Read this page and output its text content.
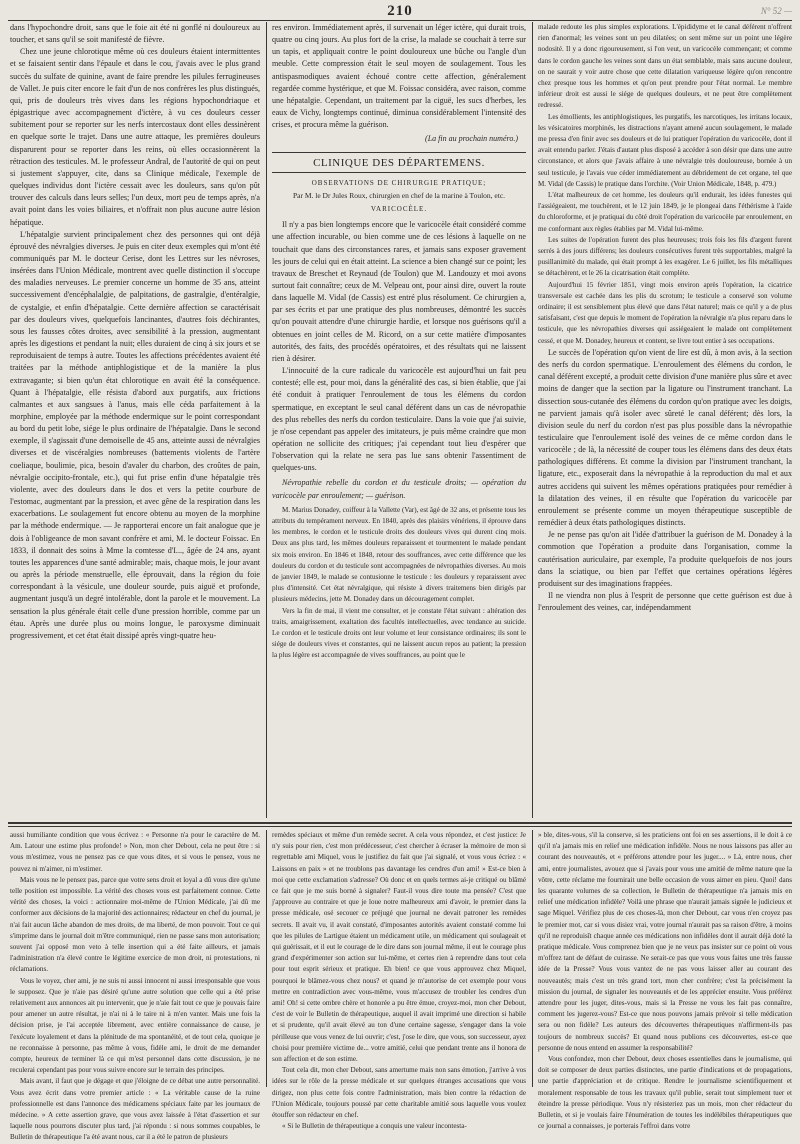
210	N° 52 —

dans l'hypochondre droit, sans que le foie ait été ni gonflé ni douloureux au toucher, et sans qu'il se soit manifesté de fièvre.

Chez une jeune chlorotique même où ces douleurs étaient intermittentes et se faisaient sentir dans l'épaule et dans le cou, j'avais avec le plus grand succès du sulfate de quinine, avant de faire prendre les pilules ferrugineuses de Vallet. Je puis citer encore le fait d'un de nos confrères les plus distingués, qui, pris de douleurs très vives dans les régions hypochondriaque et épigastrique avec accompagnement d'ictère, à vu ces douleurs cesser subitement pour se reporter sur les nerfs intercostaux dont elles dessinèrent en quelque sorte le trajet. Dans une autre attaque, les premières douleurs disparurent pour se reporter dans les reins, où elles occasionnèrent la rétraction des testicules. M. le professeur Andral, de l'autorité de qui on peut si justement s'appuyer, cite, dans sa Clinique médicale, l'exemple de quelques individus dont l'ictère cessait avec les douleurs, sans qu'on pût trouver des calculs dans leurs selles; l'un deux, mort peu de temps après, n'a avait point dans les voies biliaires, et n'offrait non plus aucune autre lésion hépatique.

L'hépatalgie survient principalement chez des personnes qui ont déjà éprouvé des névralgies diverses. Je puis en citer deux exemples qui m'ont été communiqués par M. le docteur Cerise, dont les Lettres sur les névroses, insérées dans l'Union Médicale, montrent avec quelle distinction il s'occupe des maladies nerveuses. Le premier concerne un homme de 35 ans, atteint successivement d'encéphalalgie, de palpitations, de gastralgie, d'entéralgie, de cystalgie, et enfin d'hépatalgie. Cette dernière affection se caractérisait par des douleurs vives, quelquefois lancinantes, d'autres fois déchirantes, sous les fausses côtes droites, avec sensibilité à la pression, augmentant après les digestions et pendant la nuit; elles duraient de cinq à six jours et se reproduisaient de temps à autre. Toutes les affections précédentes avaient été traitées par la méthode antiphlogistique et de la manière la plus extravagante; si bien qu'un état chlorotique en avait été la conséquence. Quant à l'hépatalgie, elle résista d'abord aux purgatifs, aux frictions calmantes et aux sangsues à l'anus, mais elle céda parfaitement à la morphine, employée par la méthode endermique sur le point correspondant au bord du petit lobe, siége le plus ordinaire de l'hépatalgie. Dans le second exemple, il s'agissait d'une demoiselle de 45 ans, atteinte aussi de névralgies diverses et de viscéralgies nombreuses (battements violents de l'artère coeliaque, boulimie, pica, besoin d'avaler du charbon, des croûtes de pain, névralgie occipito-frontale, etc.), qui fut prise enfin d'une hépatalgie très violente, avec des douleurs dans le dos et vers la petite courbure de l'estomac, augmentant par la pression, et avec gêne de la respiration dans les exacerbations. Le soulagement fut encore obtenu au moyen de la morphine par la méthode endermique. — Je rapporterai encore un fait analogue que je dois à l'obligeance de mon savant confrère et ami, M. le docteur Foissac. En 1833, il donnait des soins à Mme la comtesse d'I..., âgée de 24 ans, ayant toutes les apparences d'une santé admirable; mais, chaque mois, le jour avant ou après la période menstruelle, elle éprouvait, dans la région du foie correspondant à la vésicule, une douleur sourde, puis aiguë et profonde, augmentant jusqu'à un degré intolérable, dont la parole et le mouvement. La sensation la plus générale était celle d'une pression horrible, comme par un étau. Après une durée plus ou moins longue, le paroxysme diminuait progressivement, et cet état était dissipé après vingt-quatre heu-

res environ. Immédiatement après, il survenait un léger ictère, qui durait trois, quatre ou cinq jours. Au plus fort de la crise, la malade se couchait à terre sur un tapis, et appliquait contre le point douloureux une bûche ou l'angle d'un meuble. Cette compression était le seul moyen de soulagement. Tous les antispasmodiques avaient échoué contre cette affection, généralement regardée comme hystérique, et que M. Foissac considéra, avec raison, comme une hépatalgie. Cependant, un traitement par la ciguë, les sucs d'herbes, les eaux de Vichy, longtemps continué, diminua considérablement l'intensité des crises, et procura même la guérison.

(La fin au prochain numéro.)
CLINIQUE DES DÉPARTEMENS.
OBSERVATIONS DE CHIRURGIE PRATIQUE;
Par M. le Dr Jules Roux, chirurgien en chef de la marine à Toulon, etc.
VARICOCÈLE.

Il n'y a pas bien longtemps encore que le varicocèle était considéré comme une affection incurable, ou bien comme une de ces lésions à laquelle on ne touchait que dans des circonstances rares, et jamais sans exposer gravement les jours de celui qui en était atteint. La science a bien changé sur ce point; les travaux de Breschet et Reynaud (de Toulon) que M. Landouzy et moi avons surtout fait connaître; ceux de M. Velpeau ont, pour ainsi dire, ouvert la route dans laquelle M. Vidal (de Cassis) est entré plus résolument. Ce chirurgien a, par ses écrits et par une pratique des plus nombreuses, démontré les succès qu'on pouvait attendre d'une chirurgie hardie, et lorsque nos guérisons qu'il a obtenues en joint celles de M. Ricord, on a sur cette matière d'imposantes autorités, des faits, des procédés opératoires, et des résultats qui ne laissent rien à désirer.

L'innocuité de la cure radicale du varicocèle est aujourd'hui un fait peu contesté; elle est, pour moi, dans la généralité des cas, si bien établie, que j'ai été conduit à pratiquer l'enroulement de tous les élémens du cordon spermatique, en exceptant le seul canal déférent dans un cas de névropathie des plus rebelles des nerfs du cordon testiculaire. Dans la voie que j'ai suivie, je n'ose cependant pas appeler des imitateurs, je puis même craindre que mon opération ne sollicite des critiques; j'ai cependant tout lieu d'espérer que l'observation qui la relate ne sera pas lue sans obtenir l'assentiment de quelques-uns.

Névropathie rebelle du cordon et du testicule droits; — opération du varicocèle par enroulement; — guérison.

M. Marius Donadey, coiffeur à la Vallette (Var), est âgé de 32 ans, et présente tous les attributs du tempérament nerveux. En 1840, après des plaisirs vénériens, il éprouve dans les membres, le cordon et le testicule droits des douleurs vives qui durent cinq mois. Deux ans plus tard, les mêmes douleurs reparaissent et tourmentent le malade pendant six mois environ. En 1846 et 1848, retour des souffrances, avec cette différence que les douleurs du cordon et du testicule sont accompagnées de névropathies diverses. Au mois de janvier 1849, le malade se contusionne le testicule : les douleurs y reparaissent avec plus d'intensité. Cet état névralgique, qui résiste à divers traitemens bien dirigés par plusieurs médecins, jette M. Donadey dans un découragement complet.

Vers la fin de mai, il vient me consulter, et je constate l'état suivant : altération des traits, amaigrissement, exaltation des facultés intellectuelles, avec tendance au suicide. Le cordon et le testicule droits ont leur volume et leur consistance ordinaires; ils sont le siége de douleurs vives et constantes, qui ne laissent aucun repos au patient; la pression la plus légère est accompagnée de vives souffrances, au point que le

malade redoute les plus simples explorations. L'épididyme et le canal déférent n'offrent rien d'anormal; les veines sont un peu dilatées; on sent même sur un point une légère nodosité. Il y a donc rigoureusement, si l'on veut, un varicocèle commençant; et comme dans le cordon gauche les veines sont dans un état semblable, mais sans aucune douleur, on ne saurait y voir autre chose que cette dilatation variqueuse légère qu'on rencontre chez presque tous les hommes et qu'on peut prendre pour l'état normal. Le membre inférieur droit est aussi le siége de quelques douleurs, et ne peut être complètement redressé.

Les émollients, les antiphlogistiques, les purgatifs, les narcotiques, les irritans locaux, les vésicatoires morphinés, les distractions n'ayant amené aucun soulagement, le malade me pressa d'en finir avec ses douleurs et de lui pratiquer l'opération du varicocèle, dont il avait entendu parler. J'étais d'autant plus disposé à accéder à son désir que dans une autre circonstance, et alors que j'avais affaire à une névralgie très douloureuse, bornée à un seul testicule, je l'avais vue céder immédiatement au débridement de cet organe, tel que M. Vidal (de Cassis) le pratique dans l'orchite. (Voir Union Médicale, 1848, p. 479.)

L'état malheureux de cet homme, les douleurs qu'il endurait, les idées funestes qui l'assiégeaient, me touchèrent, et le 12 juin 1849, je le plongeai dans l'éthérisme à l'aide du chloroforme, et je pratiquai du côté droit l'opération du varicocèle par enroulement, en me conformant aux règles établies par M. Vidal lui-même.

Les suites de l'opération furent des plus heureuses; trois fois les fils d'argent furent serrés à des jours différens; les douleurs consécutives furent très supportables, malgré la pusillanimité du malade, qui était prompt à les exagérer. Le 6 juillet, les fils métalliques se détachèrent, et le 26 la cicatrisation était complète.

Aujourd'hui 15 février 1851, vingt mois environ après l'opération, la cicatrice transversale est cachée dans les plis du scrotum; le testicule a conservé son volume ordinaire; il est sensiblement plus élevé que dans l'état naturel; mais ce qu'il y a de plus satisfaisant, c'est que depuis le moment de l'opération la névralgie n'a plus reparu dans le testicule, que les névropathies diverses qui assiégeaient le malade ont complètement cessé, et que M. Donadey, heureux et content, se livre tout entier à ses occupations.

Le succès de l'opération qu'on vient de lire est dû, à mon avis, à la section des nerfs du cordon spermatique. L'enroulement des élémens du cordon, le canal déférent excepté, a produit cette division d'une manière plus sûre et avec moins de danger que la section par la ligature ou l'instrument tranchant. La dissection sous-cutanée des élémens du cordon qu'on pratique avec les doigts, ne parvient jamais qu'à isoler avec sûreté le canal déférent; dès lors, la division seule du nerf du cordon n'est pas plus possible dans la névropathie testiculaire que l'enroulement isolé des veines de ce même cordon dans le varicocèle ; de là, la nécessité de couper tous les élémens dans des deux états pathologiques différens. Et comme la division par l'instrument tranchant, la ligature, etc., exposerait dans la névropathie à la reproduction du mal et aux autres accidens qui suivent les mêmes opérations pratiquées pour remédier à la dilatation des veines, il en résulte que l'opération du varicocèle par enroulement se présente comme un moyen thérapeutique susceptible de remédier à deux états pathologiques distincts.

Je ne pense pas qu'on ait l'idée d'attribuer la guérison de M. Donadey à la commotion que l'opération a produite dans l'organisation, comme la cautérisation auriculaire, par exemple, l'a produite quelquefois de nos jours dans la sciatique, ou bien par l'effet que certaines opérations légères produisent sur des imaginations frappées.

Il ne viendra non plus à l'esprit de personne que cette guérison est due à l'enroulement des veines, car, indépendamment

aussi humiliante condition que vous écrivez : « Personne n'a pour le caractère de M. Am. Latour une estime plus profonde! » Non, mon cher Debout, cela ne peut être : si vous m'estimez, vous ne pensez pas ce que vous dites, et si vous le pensez, vous ne pouvez ni m'aimer, ni m'estimer.

Mais vous ne le pensez pas, parce que votre sens droit et loyal a dû vous dire qu'une telle position est impossible. La vérité des choses vous est parfaitement connue. Cette vérité des choses, la voici : actionnaire moi-même de l'Union Médicale, j'ai dû me conformer aux décisions de la majorité des actionnaires; rédacteur en chef du journal, je n'ai fait aucun lâche abandon de mes droits, de ma liberté, de mon pouvoir. Tout ce qui s'imprime dans le journal doit m'être communiqué, rien ne passe sans mon autorisation; souvent j'ai opposé mon veto à telle insertion qui a été faite ailleurs, et jamais l'administration n'a élevé contre le légitime exercice de mon droit, ni protestations, ni réclamations.

Vous le voyez, cher ami, je ne suis ni aussi innocent ni aussi irresponsable que vous le supposez. Que je n'aie pas désiré qu'une autre solution que celle qui a été prise relativement aux annonces ait pu intervenir, que je n'aie fait tout ce que je pouvais faire pour amener un autre résultat, je n'ai ni à le taire ni à m'en vanter. Mais une fois la décision prise, je l'ai acceptée librement, avec entière connaissance de cause, je l'exécute loyalement et dans la plénitude de ma spontanéité, et de tout cela, quoique je ne reconnaisse à personne, pas même à vous, fidèle ami, le droit de me demander compte, heureux de terminer là ce qui m'est personnel dans cette discussion, je ne reculerai cependant pas pour vous suivre encore sur le terrain des principes.

Mais avant, il faut que je dégage et que j'éloigne de ce débat une autre personnalité. Vous avez écrit dans votre premier article : « La véritable cause de la ruine professionnelle est dans l'annonce des médicamens spéciaux faite par les journaux de médecine. » A cette assertion grave, que vous avez laissée à l'état d'assertion et sur laquelle nous pourrons discuter plus tard, j'ai répondu : si nous sommes coupables, le Bulletin de thérapeutique l'a été avant nous, car il a été le patron de plusieurs

remèdes spéciaux et même d'un remède secret. A cela vous répondez, et c'est justice: Je n'y suis pour rien, c'est mon prédécesseur, c'est chercher à écraser la mémoire de mon si regrettable ami Miquel, vous le justifiez du fait que j'ai signalé, et vous vous écriez : « Laissons en paix » et ne troublons pas davantage les cendres d'un ami! » Est-ce bien à moi que cette exclamation s'adresse? Où donc et en quels termes ai-je critiqué ou blâmé ce fait que je me suis borné à signaler? Faut-il vous dire toute ma pensée? C'est que j'approuve au contraire et que je loue notre malheureux ami d'avoir, le premier dans la presse médicale, osé secouer ce préjugé que journal ne devait patroner les remèdes secrets. Il avait vu, il avait constaté, d'imposantes autorités avaient constaté comme lui que les pilules de Lartigue étaient un médicament utile, un médicament qui soulageait et qui guérissait, et il eut le courage de le dire dans son journal même, il eut le courage plus grand d'expérimenter son action sur lui-même, et certes rien à reprendre dans tout cela pour tout esprit sérieux et pratique. Eh bien! ce que vous approuvez chez Miquel, pourquoi le blâmez-vous chez nous? et quand je m'autorise de cet exemple pour vous mettre en contradiction avec vous-même, vous m'accusez de troubler les cendres d'un ami! Oh! si cette ombre chère et honorée a pu être émue, croyez-moi, mon cher Debout, c'est de voir le Bulletin de thérapeutique, auquel il avait imprimé une direction si habile et si prudente, qu'il avait élevé au ton d'une certaine sagesse, s'engager dans la voie périlleuse que vous venez de lui ouvrir; c'est, j'ose le dire, que vous, son successeur, ayez choisi pour première victime de... votre amitié, celui que pendant trente ans il honora de son affection et de son estime.

Tout cela dit, mon cher Debout, sans amertume mais non sans émotion, j'arrive à vos idées sur le rôle de la presse médicale et sur quelques étranges accusations que vous dirigez, non plus cette fois contre l'administration, mais bien contre la rédaction de l'Union Médicale, toujours poussé par cette charitable amitié sous laquelle vous voulez étouffer son rédacteur en chef.

« Si le Bulletin de thérapeutique a conquis une valeur incontesta-

» ble, dites-vous, s'il la conserve, si les praticiens ont foi en ses assertions, il le doit à ce qu'il n'a jamais mis en relief une médication infidèle. Nous ne nous laissons pas aller au courant des nouveautés, et « préférons attendre pour les juger.... » Là, entre nous, cher ami, entre journalistes, avouez que si j'avais pour vous une amitié de même nature que la vôtre, cette réclame me fournirait une belle occasion de vous aimer en pieu. Quoi! dans les quarante volumes de sa collection, le Bulletin de thérapeutique n'a jamais mis en relief une médication infidèle? Voilà une phrase que n'aurait jamais signée le judicieux et sage Miquel. Vérifiez plus de ces choses-là, mon cher Debout, car vous n'en croyez pas le premier mot, car si vous disiez vrai, votre journal n'aurait pas sa raison d'être, à moins qu'il ne reproduisît chaque année ces médications non infidèles dont il aurait déjà doté la pratique médicale. Vous comprenez bien que je ne veux pas insister sur ce point où vous m'offrez tant de défaut de cuirasse. Ne serait-ce pas que vous vous faites une très fausse idée de la Presse? Vous vous vantez de ne pas vous laisser aller au courant des nouveautés; mais c'est un très grand tort, mon cher confrère; c'est la précisément la mission du journal, de signaler les nouveautés et de les apprécier ensuite. Vous préférez attendre pour les juger, dites-vous, mais si la Presse ne vous les fait pas connaître, comment les jugerez-vous? Est-ce que nous pouvons jamais prévoir si telle médication sera ou non fidèle? Les auteurs des découvertes thérapeutiques n'affirment-ils pas toujours de nombreux succès? Et quand nous publions ces découvertes, est-ce que personne de nous entend en assumer la responsabilité?

Vous confondez, mon cher Debout, deux choses essentielles dans le journalisme, qui doit se composer de deux parties distinctes, une partie d'indications et de propagations, une partie d'appréciation et de critique. Rendre le journalisme scientifiquement et moralement responsable de tous les travaux qu'il publie, serait tout simplement tuer et éteindre la presse périodique. Vous n'y résisteriez pas un mois, mon cher rédacteur du Bulletin, et si je voulais faire l'énumération de toutes les indélébiles thérapeutiques que ce journal a connaisses, je porterais l'effroi dans votre
